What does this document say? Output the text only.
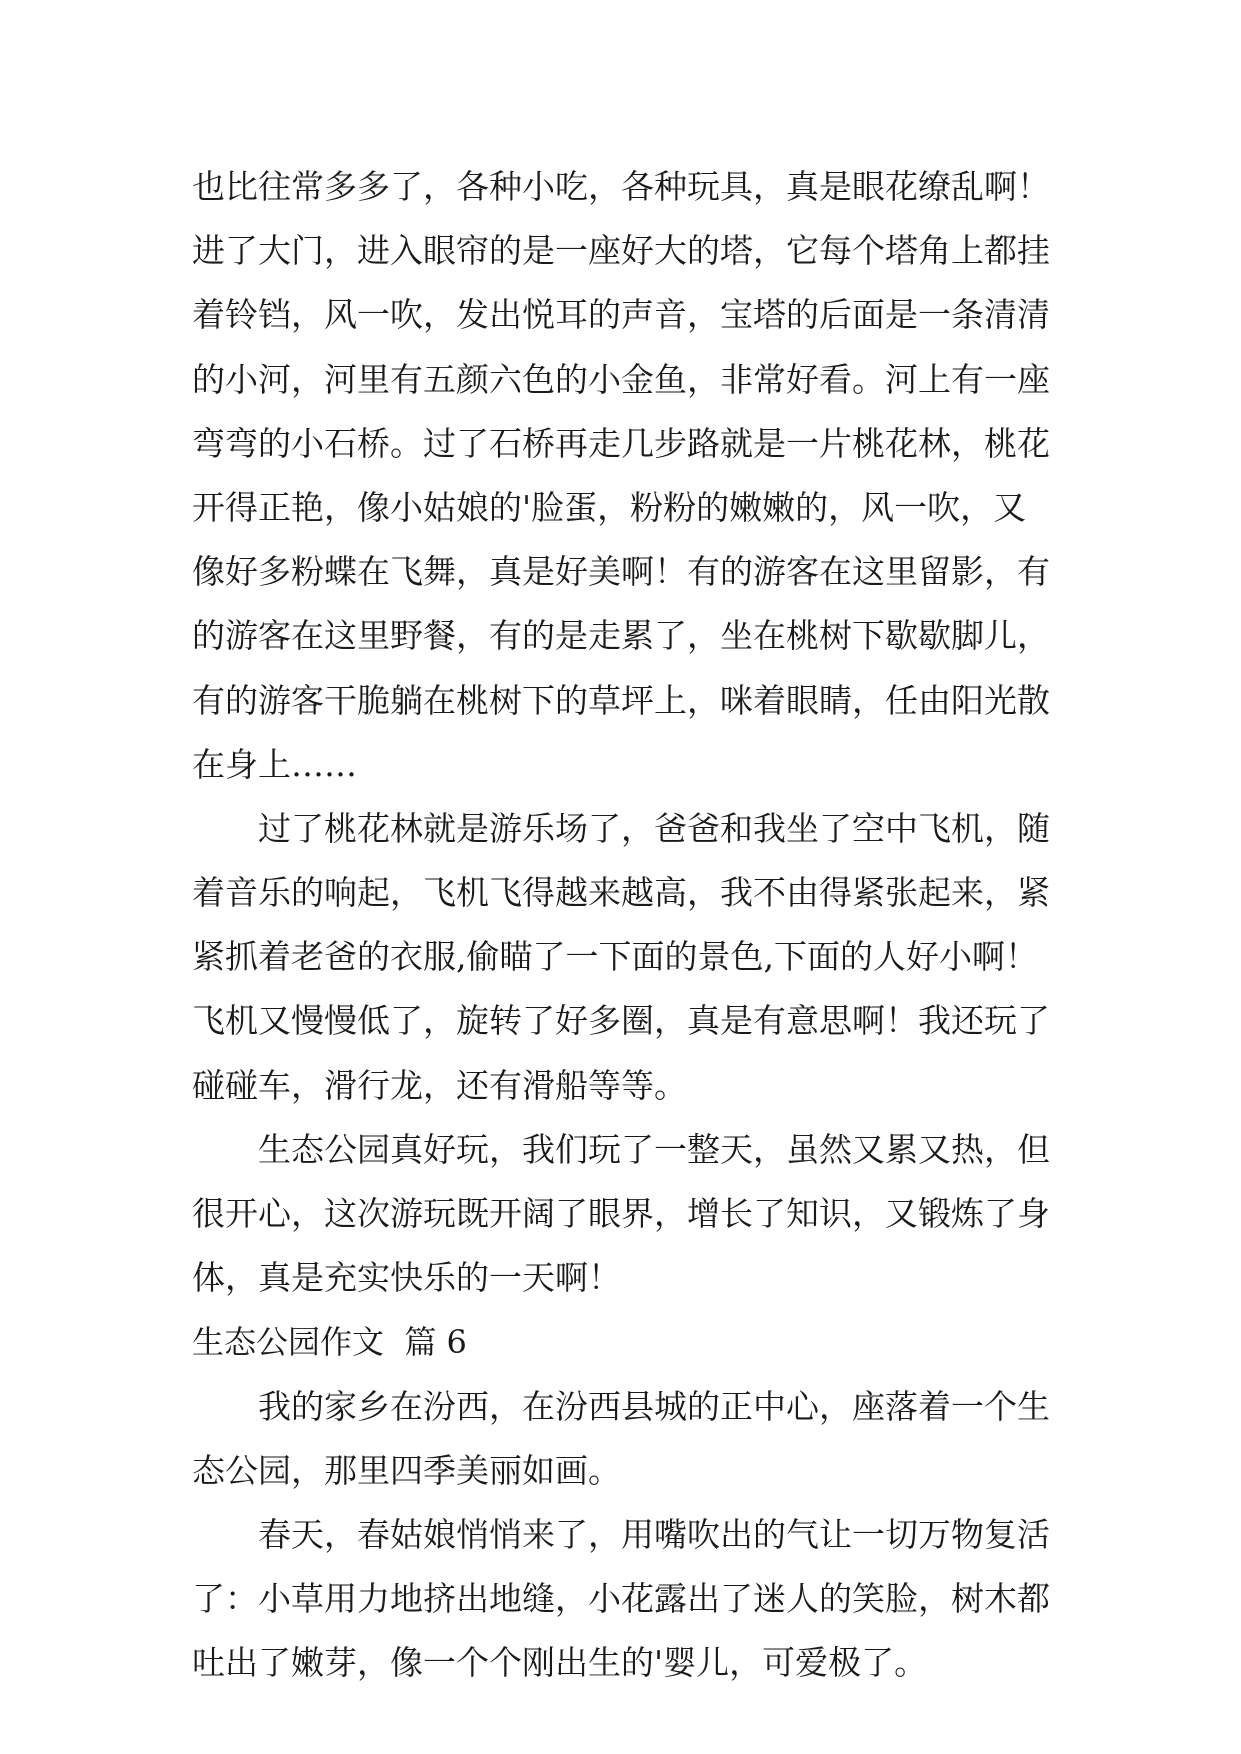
也比往常多多了，各种小吃，各种玩具，真是眼花缭乱啊！
进了大门，进入眼帘的是一座好大的塔，它每个塔角上都挂
着铃铛，风一吹，发出悦耳的声音，宝塔的后面是一条清清
的小河，河里有五颜六色的小金鱼，非常好看。河上有一座
弯弯的小石桥。过了石桥再走几步路就是一片桃花林，桃花
开得正艳，像小姑娘的'脸蛋，粉粉的嫩嫩的，风一吹，又
像好多粉蝶在飞舞，真是好美啊！有的游客在这里留影，有
的游客在这里野餐，有的是走累了，坐在桃树下歇歇脚儿，
有的游客干脆躺在桃树下的草坪上，咪着眼睛，任由阳光散
在身上……
过了桃花林就是游乐场了，爸爸和我坐了空中飞机，随
着音乐的响起，飞机飞得越来越高，我不由得紧张起来，紧
紧抓着老爸的衣服,偷瞄了一下面的景色,下面的人好小啊！
飞机又慢慢低了，旋转了好多圈，真是有意思啊！我还玩了
碰碰车，滑行龙，还有滑船等等。
生态公园真好玩，我们玩了一整天，虽然又累又热，但
很开心，这次游玩既开阔了眼界，增长了知识，又锻炼了身
体，真是充实快乐的一天啊！
生态公园作文  篇 6
我的家乡在汾西，在汾西县城的正中心，座落着一个生
态公园，那里四季美丽如画。
春天，春姑娘悄悄来了，用嘴吹出的气让一切万物复活
了：小草用力地挤出地缝，小花露出了迷人的笑脸，树木都
吐出了嫩芽，像一个个刚出生的'婴儿，可爱极了。
